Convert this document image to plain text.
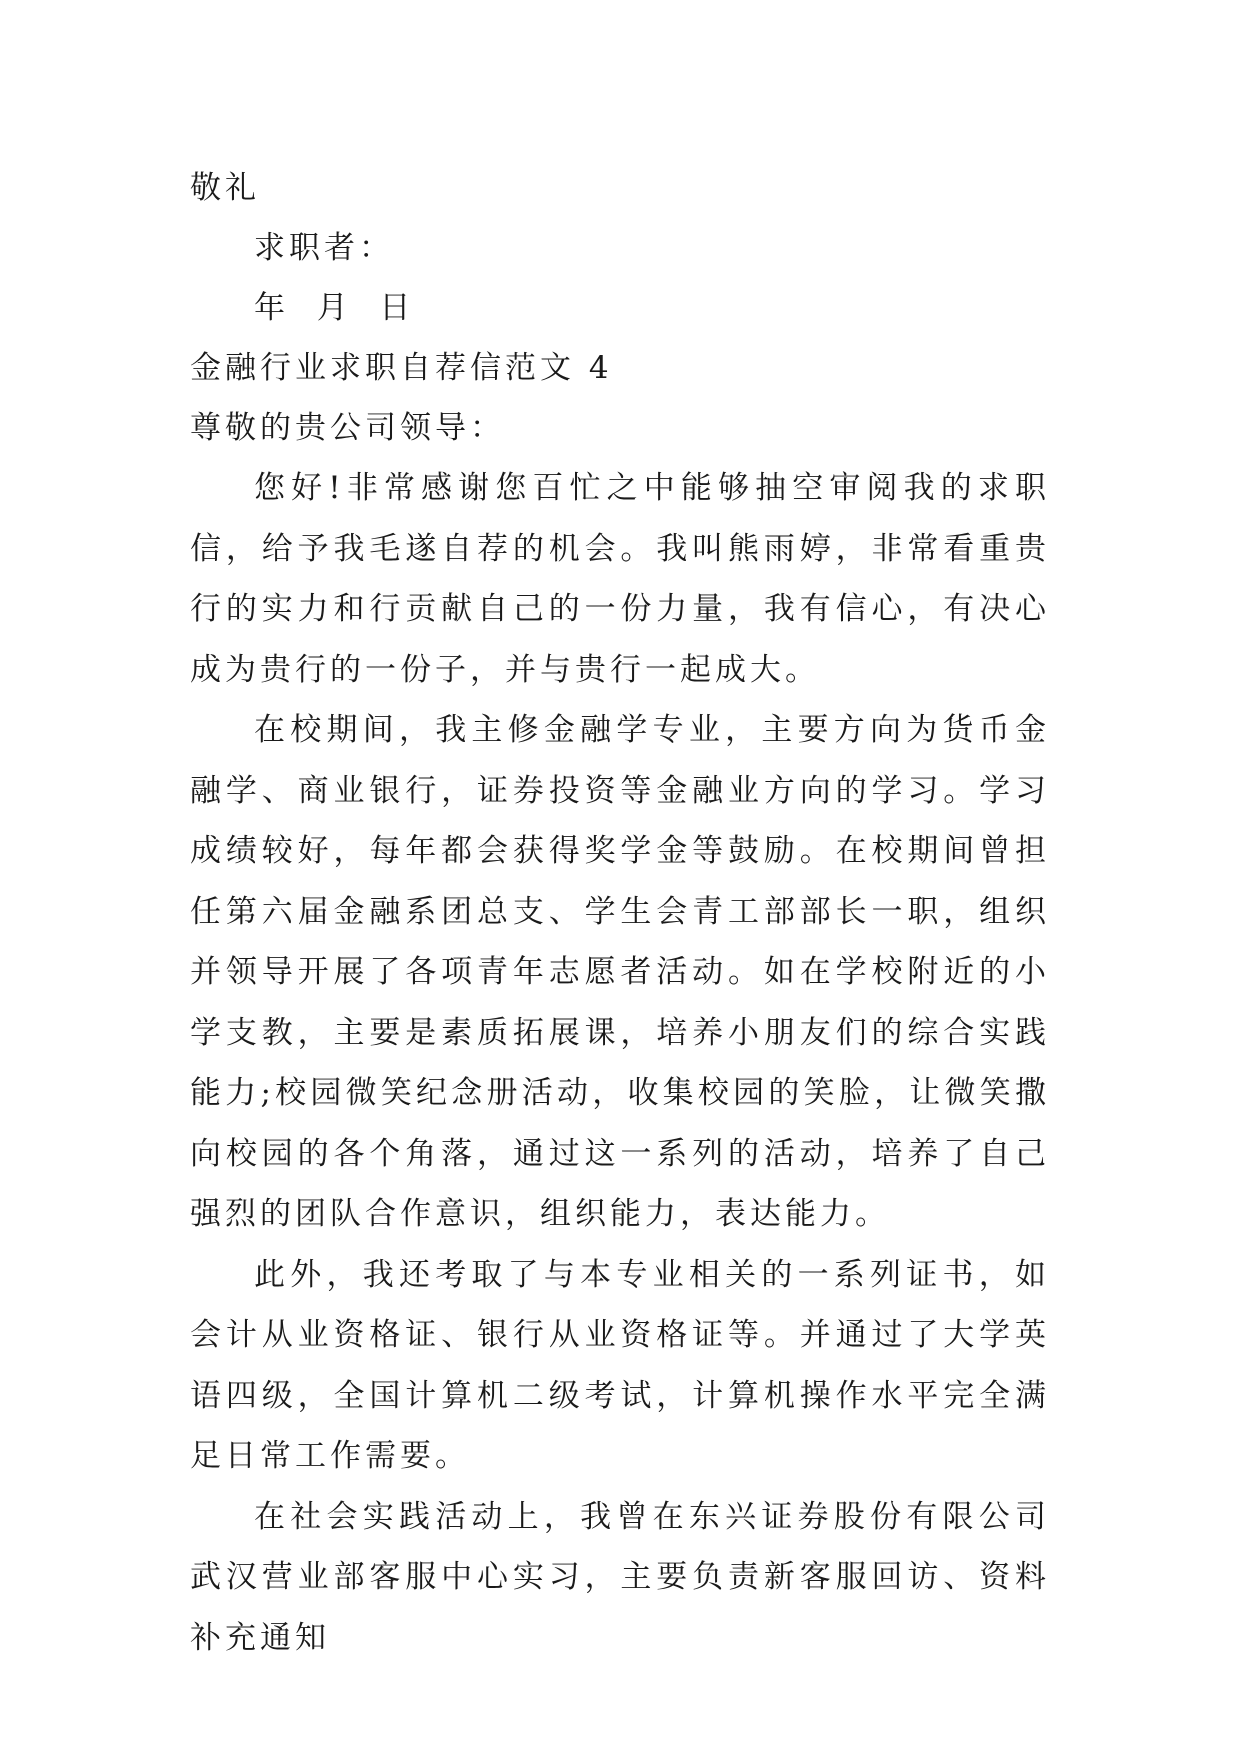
敬礼
求职者：
年  月  日
金融行业求职自荐信范文 4
尊敬的贵公司领导：

您好!非常感谢您百忙之中能够抽空审阅我的求职信，给予我毛遂自荐的机会。我叫熊雨婷，非常看重贵行的实力和行贡献自己的一份力量，我有信心，有决心成为贵行的一份子，并与贵行一起成大。

在校期间，我主修金融学专业，主要方向为货币金融学、商业银行，证券投资等金融业方向的学习。学习成绩较好，每年都会获得奖学金等鼓励。在校期间曾担任第六届金融系团总支、学生会青工部部长一职，组织并领导开展了各项青年志愿者活动。如在学校附近的小学支教，主要是素质拓展课，培养小朋友们的综合实践能力;校园微笑纪念册活动，收集校园的笑脸，让微笑撒向校园的各个角落，通过这一系列的活动，培养了自己强烈的团队合作意识，组织能力，表达能力。

此外，我还考取了与本专业相关的一系列证书，如会计从业资格证、银行从业资格证等。并通过了大学英语四级，全国计算机二级考试，计算机操作水平完全满足日常工作需要。

在社会实践活动上，我曾在东兴证券股份有限公司武汉营业部客服中心实习，主要负责新客服回访、资料补充通知
